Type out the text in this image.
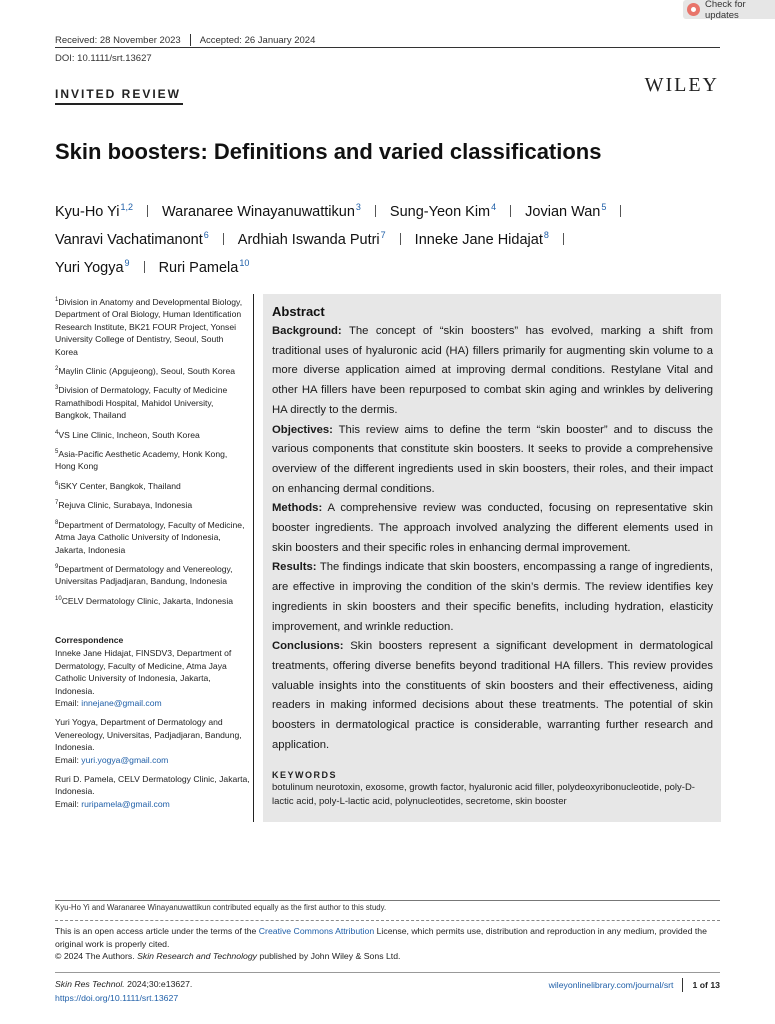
Check for updates
Received: 28 November 2023 Accepted: 26 January 2024
DOI: 10.1111/srt.13627
INVITED REVIEW	WILEY
Skin boosters: Definitions and varied classifications
Kyu-Ho Yi$^{1,2}$ Waranaree Winayanuwattikun$^3$ Sung-Yeon Kim$^4$ Jovian Wan$^5$
Vanravi Vachatimanont$^6$ Ardhiah Iswanda Putri$^7$ Inneke Jane Hidajat$^8$
Yuri Yogya$^9$ Ruri Pamela$^{10}$
$^1$Division in Anatomy and Developmental Biology, Department of Oral Biology, Human Identification Research Institute, BK21 FOUR Project, Yonsei University College of Dentistry, Seoul, South Korea
$^2$Maylin Clinic (Apgujeong), Seoul, South Korea
$^3$Division of Dermatology, Faculty of Medicine Ramathibodi Hospital, Mahidol University, Bangkok, Thailand
$^4$VS Line Clinic, Incheon, South Korea
$^5$Asia-Pacific Aesthetic Academy, Honk Kong, Hong Kong
$^6$iSKY Center, Bangkok, Thailand
$^7$Rejuva Clinic, Surabaya, Indonesia
$^8$Department of Dermatology, Faculty of Medicine, Atma Jaya Catholic University of Indonesia, Jakarta, Indonesia
$^9$Department of Dermatology and Venereology, Universitas Padjadjaran, Bandung, Indonesia
$^{10}$CELV Dermatology Clinic, Jakarta, Indonesia
Correspondence
Inneke Jane Hidajat, FINSDV3, Department of Dermatology, Faculty of Medicine, Atma Jaya Catholic University of Indonesia, Jakarta, Indonesia.
Email: innejane@gmail.com
Yuri Yogya, Department of Dermatology and Venereology, Universitas, Padjadjaran, Bandung, Indonesia.
Email: yuri.yogya@gmail.com
Ruri D. Pamela, CELV Dermatology Clinic, Jakarta, Indonesia.
Email: ruripamela@gmail.com
Abstract

Background: The concept of “skin boosters” has evolved, marking a shift from traditional uses of hyaluronic acid (HA) fillers primarily for augmenting skin volume to a more diverse application aimed at improving dermal conditions. Restylane Vital and other HA fillers have been repurposed to combat skin aging and wrinkles by delivering HA directly to the dermis.

Objectives: This review aims to define the term “skin booster” and to discuss the various components that constitute skin boosters. It seeks to provide a comprehensive overview of the different ingredients used in skin boosters, their roles, and their impact on enhancing dermal conditions.

Methods: A comprehensive review was conducted, focusing on representative skin booster ingredients. The approach involved analyzing the different elements used in skin boosters and their specific roles in enhancing dermal improvement.

Results: The findings indicate that skin boosters, encompassing a range of ingredients, are effective in improving the condition of the skin’s dermis. The review identifies key ingredients in skin boosters and their specific benefits, including hydration, elasticity improvement, and wrinkle reduction.

Conclusions: Skin boosters represent a significant development in dermatological treatments, offering diverse benefits beyond traditional HA fillers. This review provides valuable insights into the constituents of skin boosters and their effectiveness, aiding readers in making informed decisions about these treatments. The potential of skin boosters in dermatological practice is considerable, warranting further research and application.

KEYWORDS
botulinum neurotoxin, exosome, growth factor, hyaluronic acid filler, polydeoxyribonucleotide, poly-D-lactic acid, poly-L-lactic acid, polynucleotides, secretome, skin booster
Kyu-Ho Yi and Waranaree Winayanuwattikun contributed equally as the first author to this study.
This is an open access article under the terms of the Creative Commons Attribution License, which permits use, distribution and reproduction in any medium, provided the original work is properly cited.
© 2024 The Authors. Skin Research and Technology published by John Wiley & Sons Ltd.
Skin Res Technol. 2024;30:e13627.
https://doi.org/10.1111/srt.13627
wileyonlinelibrary.com/journal/srt 1 of 13
